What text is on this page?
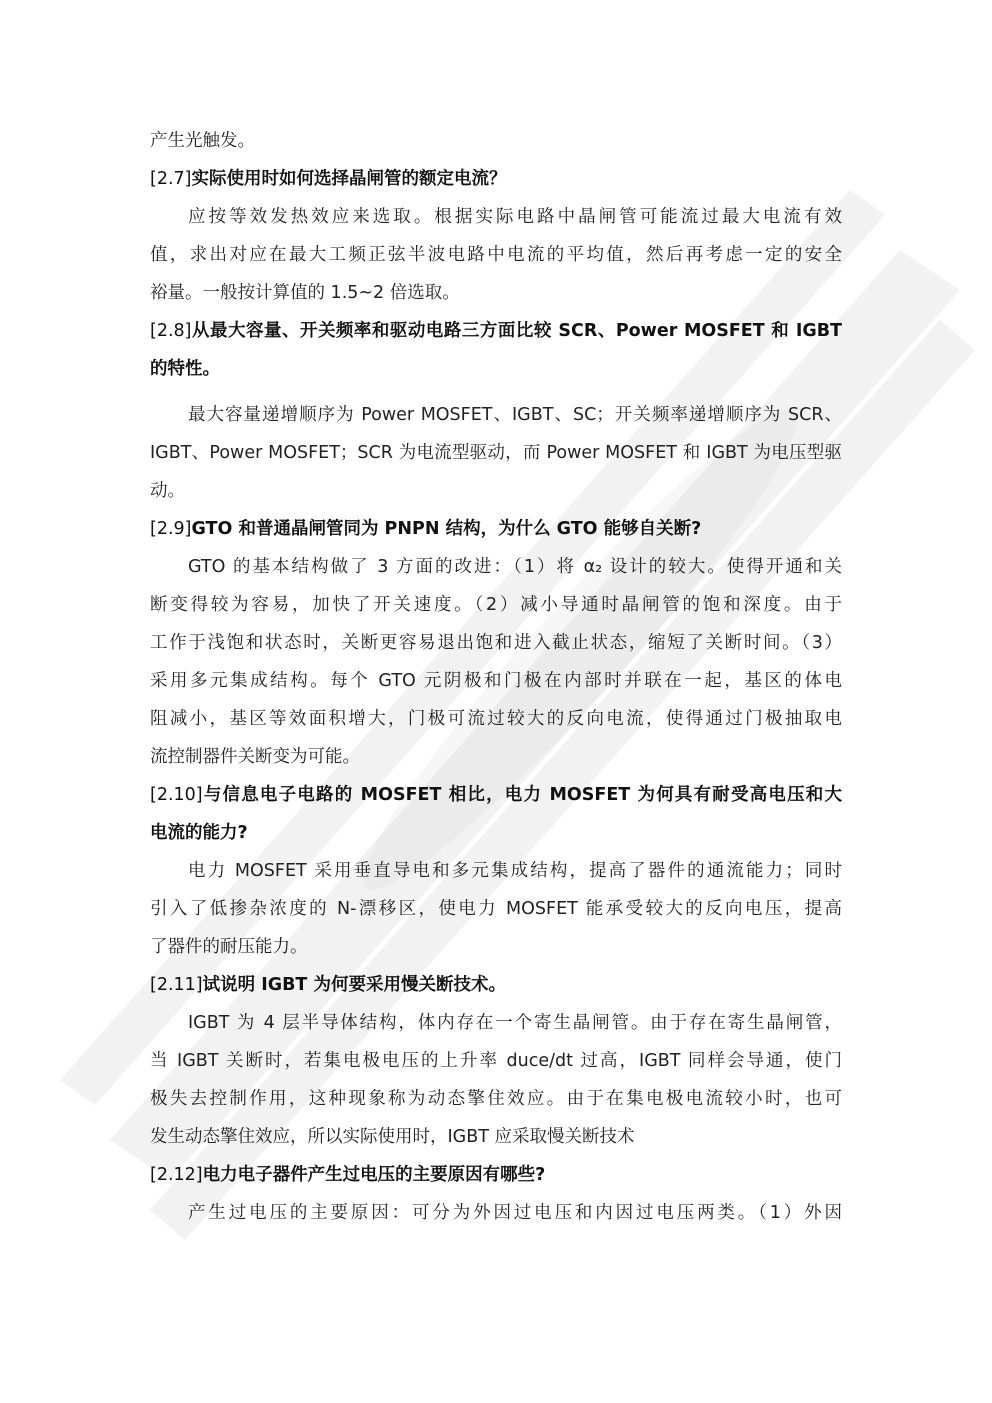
产生光触发。
[2.7]实际使用时如何选择晶闸管的额定电流？
应按等效发热效应来选取。根据实际电路中晶闸管可能流过最大电流有效
值，求出对应在最大工频正弦半波电路中电流的平均值，然后再考虑一定的安全
裕量。一般按计算值的 1.5~2 倍选取。
[2.8]从最大容量、开关频率和驱动电路三方面比较 SCR、Power MOSFET 和 IGBT
的特性。
最大容量递增顺序为 Power MOSFET、IGBT、SC；开关频率递增顺序为 SCR、
IGBT、Power MOSFET；SCR 为电流型驱动，而 Power MOSFET 和 IGBT 为电压型驱
动。
[2.9]GTO 和普通晶闸管同为 PNPN 结构，为什么 GTO 能够自关断?
GTO 的基本结构做了 3 方面的改进：（1）将 α₂ 设计的较大。使得开通和关
断变得较为容易，加快了开关速度。（2）减小导通时晶闸管的饱和深度。由于
工作于浅饱和状态时，关断更容易退出饱和进入截止状态，缩短了关断时间。（3）
采用多元集成结构。每个 GTO 元阴极和门极在内部时并联在一起，基区的体电
阻减小，基区等效面积增大，门极可流过较大的反向电流，使得通过门极抽取电
流控制器件关断变为可能。
[2.10]与信息电子电路的 MOSFET 相比，电力 MOSFET 为何具有耐受高电压和大
电流的能力?
电力 MOSFET 采用垂直导电和多元集成结构，提高了器件的通流能力；同时
引入了低掺杂浓度的 N-漂移区，使电力 MOSFET 能承受较大的反向电压，提高
了器件的耐压能力。
[2.11]试说明 IGBT 为何要采用慢关断技术。
IGBT 为 4 层半导体结构，体内存在一个寄生晶闸管。由于存在寄生晶闸管，
当 IGBT 关断时，若集电极电压的上升率 duce/dt 过高，IGBT 同样会导通，使门
极失去控制作用，这种现象称为动态擎住效应。由于在集电极电流较小时，也可
发生动态擎住效应，所以实际使用时，IGBT 应采取慢关断技术
[2.12]电力电子器件产生过电压的主要原因有哪些?
产生过电压的主要原因：可分为外因过电压和内因过电压两类。（1）外因
